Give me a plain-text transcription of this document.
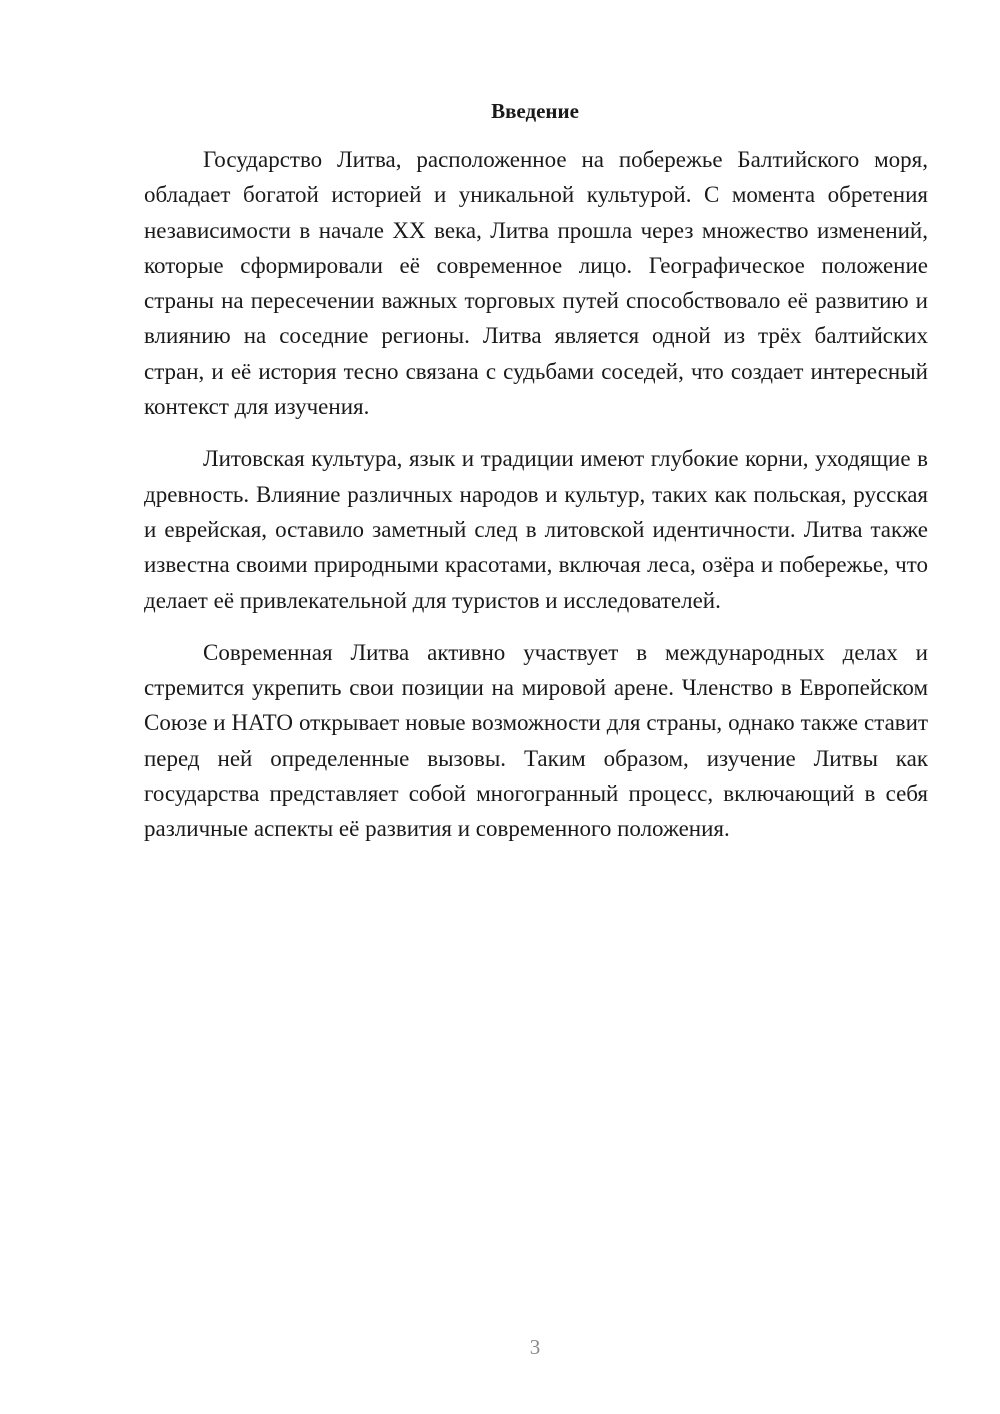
Введение

Государство Литва, расположенное на побережье Балтийского моря, обладает богатой историей и уникальной культурой. С момента обретения независимости в начале XX века, Литва прошла через множество изменений, которые сформировали её современное лицо. Географическое положение страны на пересечении важных торговых путей способствовало её развитию и влиянию на соседние регионы. Литва является одной из трёх балтийских стран, и её история тесно связана с судьбами соседей, что создает интересный контекст для изучения.

Литовская культура, язык и традиции имеют глубокие корни, уходящие в древность. Влияние различных народов и культур, таких как польская, русская и еврейская, оставило заметный след в литовской идентичности. Литва также известна своими природными красотами, включая леса, озёра и побережье, что делает её привлекательной для туристов и исследователей.

Современная Литва активно участвует в международных делах и стремится укрепить свои позиции на мировой арене. Членство в Европейском Союзе и НАТО открывает новые возможности для страны, однако также ставит перед ней определенные вызовы. Таким образом, изучение Литвы как государства представляет собой многогранный процесс, включающий в себя различные аспекты её развития и современного положения.

3
